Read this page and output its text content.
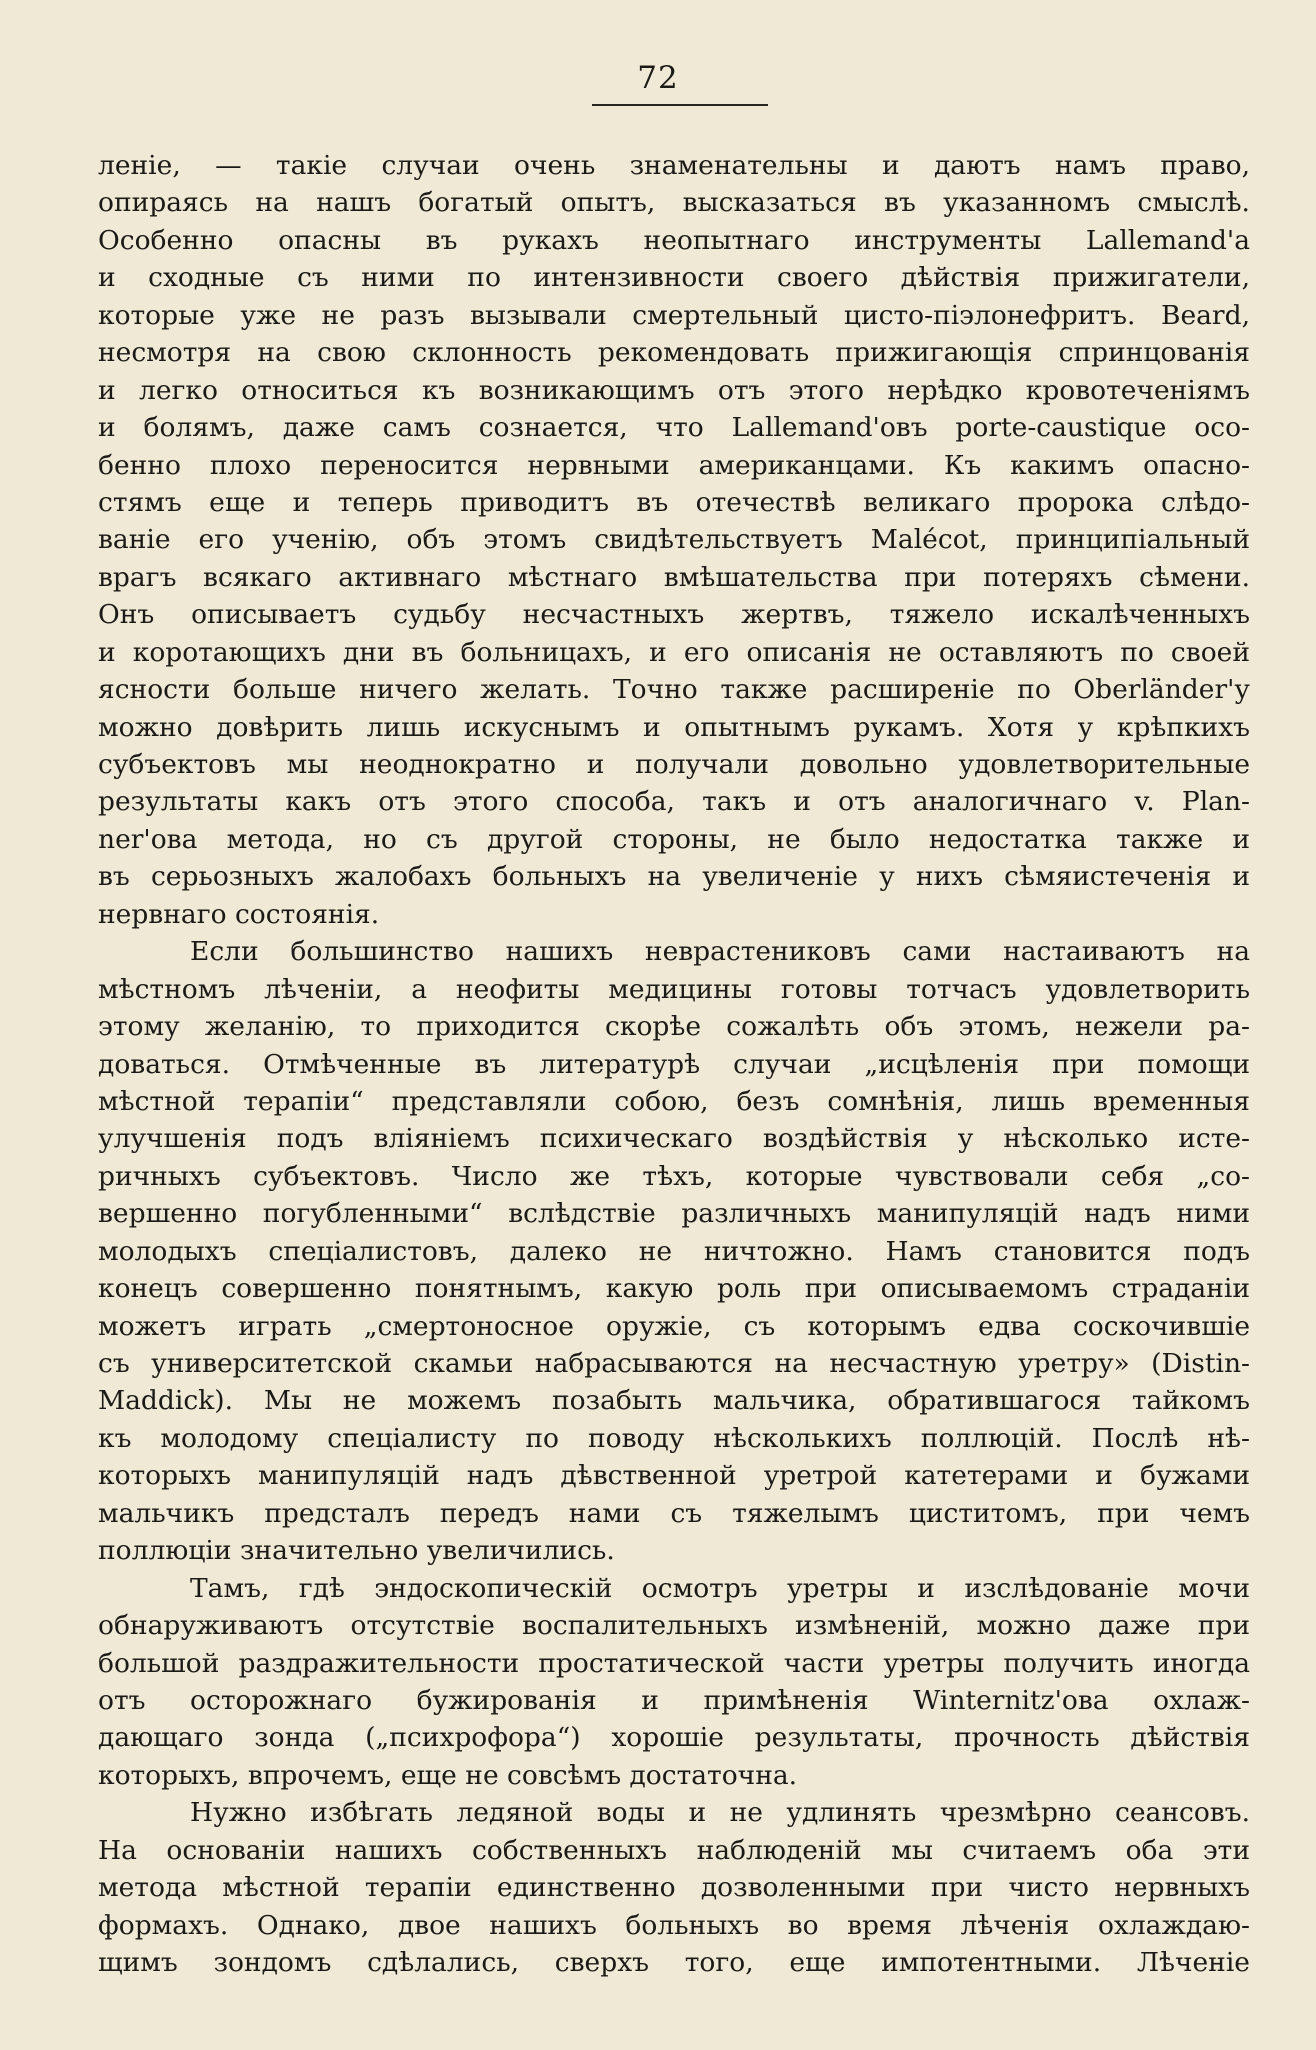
72
леніе, — такіе случаи очень знаменательны и даютъ намъ право,
опираясь на нашъ богатый опытъ, высказаться въ указанномъ смыслѣ.
Особенно опасны въ рукахъ неопытнаго инструменты Lallemand'a
и сходные съ ними по интензивности своего дѣйствія прижигатели,
которые уже не разъ вызывали смертельный цисто-піэлонефритъ. Beard,
несмотря на свою склонность рекомендовать прижигающія спринцованія
и легко относиться къ возникающимъ отъ этого нерѣдко кровотеченіямъ
и болямъ, даже самъ сознается, что Lallemand'овъ porte-caustique осо-
бенно плохо переносится нервными американцами. Къ какимъ опасно-
стямъ еще и теперь приводитъ въ отечествѣ великаго пророка слѣдо-
ваніе его ученію, объ этомъ свидѣтельствуетъ Malécot, принципіальный
врагъ всякаго активнаго мѣстнаго вмѣшательства при потеряхъ сѣмени.
Онъ описываетъ судьбу несчастныхъ жертвъ, тяжело искалѣченныхъ
и коротающихъ дни въ больницахъ, и его описанія не оставляютъ по своей
ясности больше ничего желать. Точно также расширеніе по Oberländer'у
можно довѣрить лишь искуснымъ и опытнымъ рукамъ. Хотя у крѣпкихъ
субъектовъ мы неоднократно и получали довольно удовлетворительные
результаты какъ отъ этого способа, такъ и отъ аналогичнаго v. Plan-
ner'ова метода, но съ другой стороны, не было недостатка также и
въ серьозныхъ жалобахъ больныхъ на увеличеніе у нихъ сѣмяистеченія и
нервнаго состоянія.
Если большинство нашихъ неврастениковъ сами настаиваютъ на
мѣстномъ лѣченіи, а неофиты медицины готовы тотчасъ удовлетворить
этому желанію, то приходится скорѣе сожалѣть объ этомъ, нежели ра-
доваться. Отмѣченные въ литературѣ случаи „исцѣленія при помощи
мѣстной терапіи“ представляли собою, безъ сомнѣнія, лишь временныя
улучшенія подъ вліяніемъ психическаго воздѣйствія у нѣсколько исте-
ричныхъ субъектовъ. Число же тѣхъ, которые чувствовали себя „со-
вершенно погубленными“ вслѣдствіе различныхъ манипуляцій надъ ними
молодыхъ спеціалистовъ, далеко не ничтожно. Намъ становится подъ
конецъ совершенно понятнымъ, какую роль при описываемомъ страданіи
можетъ играть „смертоносное оружіе, съ которымъ едва соскочившіе
съ университетской скамьи набрасываются на несчастную уретру» (Distin-
Maddick). Мы не можемъ позабыть мальчика, обратившагося тайкомъ
къ молодому спеціалисту по поводу нѣсколькихъ поллюцій. Послѣ нѣ-
которыхъ манипуляцій надъ дѣвственной уретрой катетерами и бужами
мальчикъ предсталъ передъ нами съ тяжелымъ циститомъ, при чемъ
поллюціи значительно увеличились.
Тамъ, гдѣ эндоскопическій осмотръ уретры и изслѣдованіе мочи
обнаруживаютъ отсутствіе воспалительныхъ измѣненій, можно даже при
большой раздражительности простатической части уретры получить иногда
отъ осторожнаго бужированія и примѣненія Winternitz'ова охлаж-
дающаго зонда („психрофора“) хорошіе результаты, прочность дѣйствія
которыхъ, впрочемъ, еще не совсѣмъ достаточна.
Нужно избѣгать ледяной воды и не удлинять чрезмѣрно сеансовъ.
На основаніи нашихъ собственныхъ наблюденій мы считаемъ оба эти
метода мѣстной терапіи единственно дозволенными при чисто нервныхъ
формахъ. Однако, двое нашихъ больныхъ во время лѣченія охлаждаю-
щимъ зондомъ сдѣлались, сверхъ того, еще импотентными. Лѣченіе
